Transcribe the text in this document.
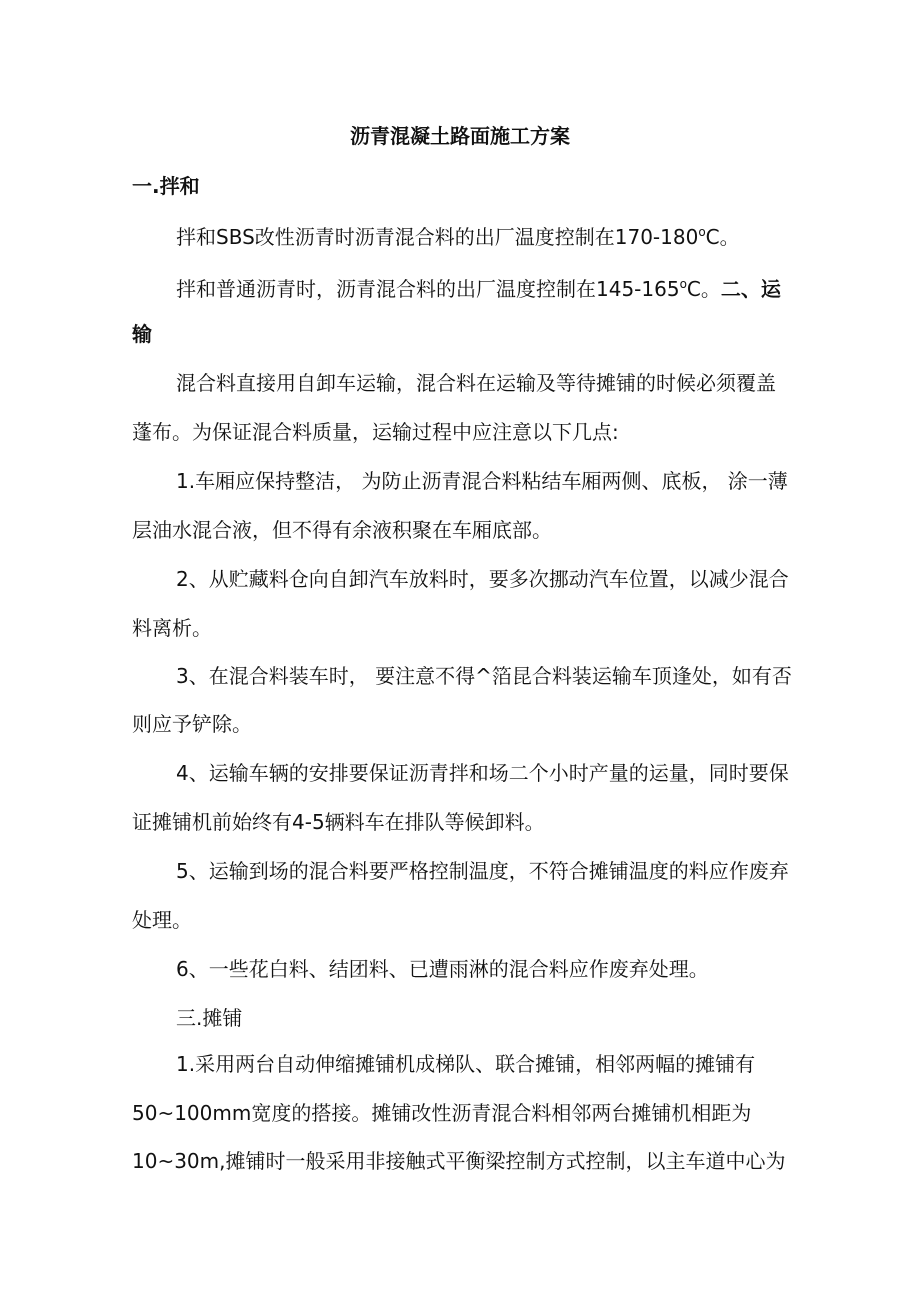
沥青混凝土路面施工方案
一.拌和
拌和SBS改性沥青时沥青混合料的出厂温度控制在170-180$^o$C。
拌和普通沥青时，沥青混合料的出厂温度控制在145-165$^o$C。二、运
输
混合料直接用自卸车运输，混合料在运输及等待摊铺的时候必须覆盖
蓬布。为保证混合料质量，运输过程中应注意以下几点:
1.车厢应保持整洁， 为防止沥青混合料粘结车厢两侧、底板， 涂一薄
层油水混合液，但不得有余液积聚在车厢底部。
2、从贮藏料仓向自卸汽车放料时，要多次挪动汽车位置，以减少混合
料离析。
3、在混合料装车时， 要注意不得^箔昆合料装运输车顶逢处，如有否
则应予铲除。
4、运输车辆的安排要保证沥青拌和场二个小时产量的运量，同时要保
证摊铺机前始终有4-5辆料车在排队等候卸料。
5、运输到场的混合料要严格控制温度，不符合摊铺温度的料应作废弃
处理。
6、一些花白料、结团料、已遭雨淋的混合料应作废弃处理。
三.摊铺
1.采用两台自动伸缩摊铺机成梯队、联合摊铺，相邻两幅的摊铺有
50~100mm宽度的搭接。摊铺改性沥青混合料相邻两台摊铺机相距为
10~30m,摊铺时一般采用非接触式平衡梁控制方式控制，以主车道中心为
